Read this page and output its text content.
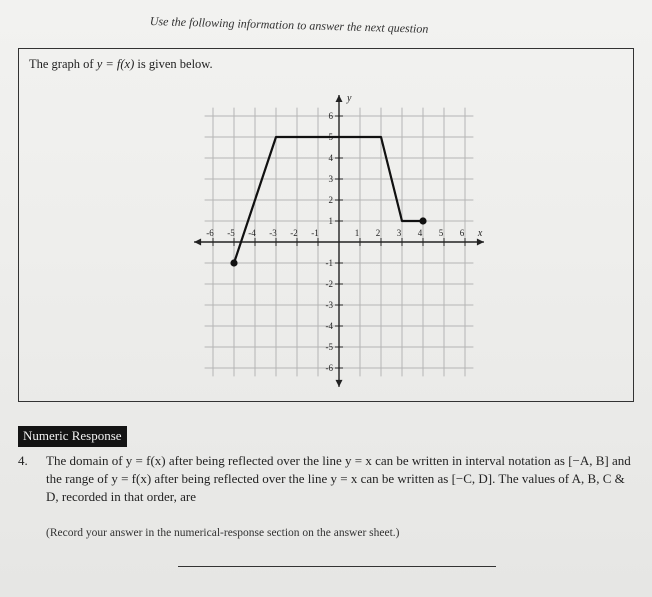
Use the following information to answer the next question
The graph of y = f(x) is given below.
-6 -5 -4 -3 -2 -1	1 2 3 4 5 6
-6
-5
-4
-3
-2
-1
1
2
3
4
5
6
y
x
Numeric Response
4. The domain of y = f(x) after being reflected over the line y = x can be written in interval notation as [−A, B] and the range of y = f(x) after being reflected over the line y = x can be written as [−C, D]. The values of A, B, C & D, recorded in that order, are
(Record your answer in the numerical-response section on the answer sheet.)
